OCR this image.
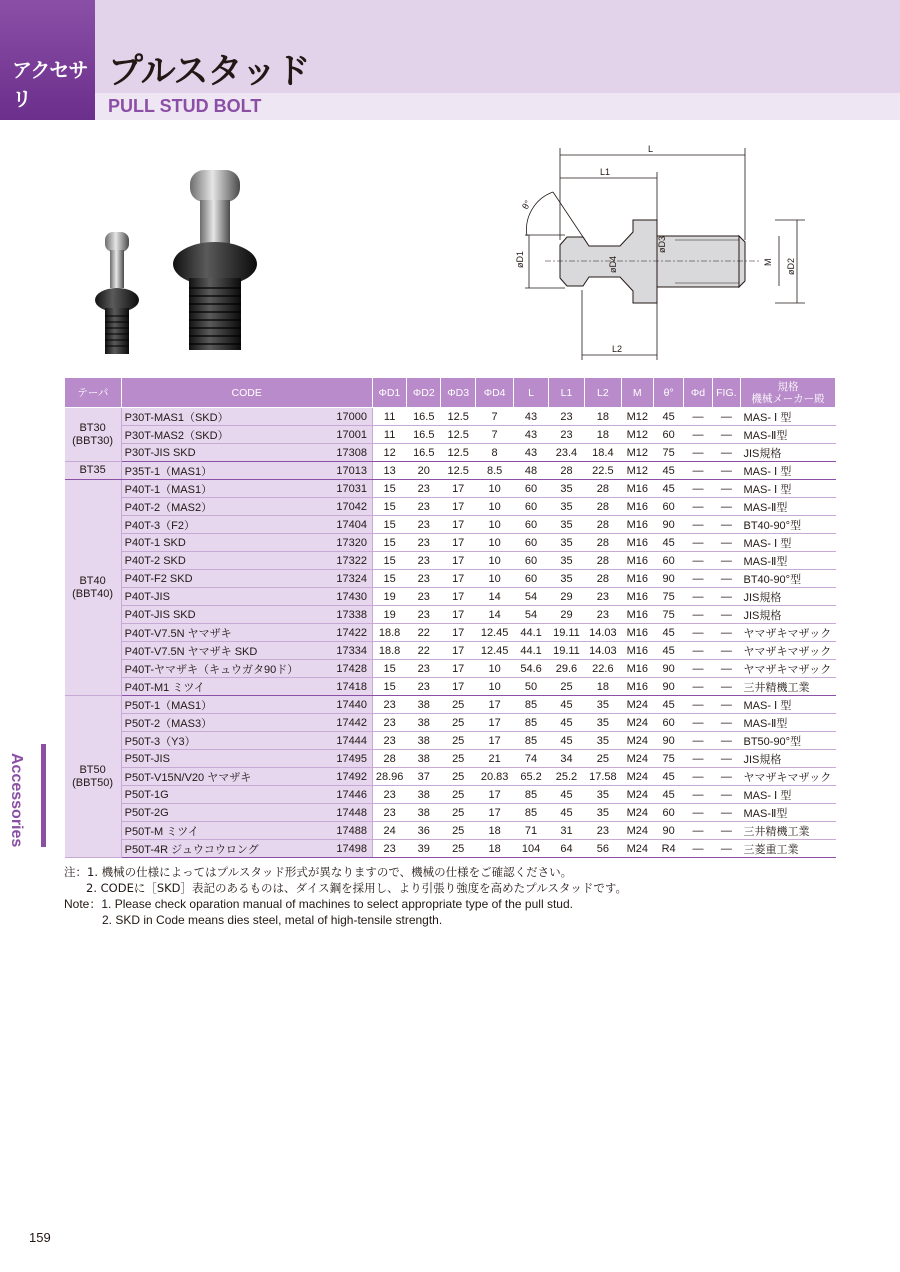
アクセサリ
プルスタッド
PULL STUD BOLT
L
L1
L2
θ°
øD1	øD2
øD3
øD4	M
テーパ	CODE		ΦD1	ΦD2	ΦD3	ΦD4	L	L1	L2	M	θ°	Φd	FIG.	規格
機械メーカー殿
BT30
(BBT30)	P30T-MAS1（SKD）	17000	11	16.5	12.5	7	43	23	18	M12	45	—	—	MAS- Ⅰ 型
	P30T-MAS2（SKD）	17001	11	16.5	12.5	7	43	23	18	M12	60	—	—	MAS-Ⅱ型
	P30T-JIS SKD	17308	12	16.5	12.5	8	43	23.4	18.4	M12	75	—	—	JIS規格
BT35	P35T-1（MAS1）	17013	13	20	12.5	8.5	48	28	22.5	M12	45	—	—	MAS- Ⅰ 型
BT40
(BBT40)	P40T-1（MAS1）	17031	15	23	17	10	60	35	28	M16	45	—	—	MAS- Ⅰ 型
	P40T-2（MAS2）	17042	15	23	17	10	60	35	28	M16	60	—	—	MAS-Ⅱ型
	P40T-3（F2）	17404	15	23	17	10	60	35	28	M16	90	—	—	BT40-90°型
	P40T-1 SKD	17320	15	23	17	10	60	35	28	M16	45	—	—	MAS- Ⅰ 型
	P40T-2 SKD	17322	15	23	17	10	60	35	28	M16	60	—	—	MAS-Ⅱ型
	P40T-F2 SKD	17324	15	23	17	10	60	35	28	M16	90	—	—	BT40-90°型
	P40T-JIS	17430	19	23	17	14	54	29	23	M16	75	—	—	JIS規格
	P40T-JIS SKD	17338	19	23	17	14	54	29	23	M16	75	—	—	JIS規格
	P40T-V7.5N ヤマザキ	17422	18.8	22	17	12.45	44.1	19.11	14.03	M16	45	—	—	ヤマザキマザック
	P40T-V7.5N ヤマザキ SKD	17334	18.8	22	17	12.45	44.1	19.11	14.03	M16	45	—	—	ヤマザキマザック
	P40T-ヤマザキ（キュウガタ90ド）	17428	15	23	17	10	54.6	29.6	22.6	M16	90	—	—	ヤマザキマザック
	P40T-M1 ミツイ	17418	15	23	17	10	50	25	18	M16	90	—	—	三井精機工業
BT50
(BBT50)	P50T-1（MAS1）	17440	23	38	25	17	85	45	35	M24	45	—	—	MAS- Ⅰ 型
	P50T-2（MAS3）	17442	23	38	25	17	85	45	35	M24	60	—	—	MAS-Ⅱ型
	P50T-3（Y3）	17444	23	38	25	17	85	45	35	M24	90	—	—	BT50-90°型
	P50T-JIS	17495	28	38	25	21	74	34	25	M24	75	—	—	JIS規格
	P50T-V15N/V20 ヤマザキ	17492	28.96	37	25	20.83	65.2	25.2	17.58	M24	45	—	—	ヤマザキマザック
	P50T-1G	17446	23	38	25	17	85	45	35	M24	45	—	—	MAS- Ⅰ 型
	P50T-2G	17448	23	38	25	17	85	45	35	M24	60	—	—	MAS-Ⅱ型
	P50T-M ミツイ	17488	24	36	25	18	71	31	23	M24	90	—	—	三井精機工業
	P50T-4R ジュウコウロング	17498	23	39	25	18	104	64	56	M24	R4	—	—	三菱重工業
注：1. 機械の仕様によってはプルスタッド形式が異なりますので、機械の仕様をご確認ください。
2. CODEに［SKD］表記のあるものは、ダイス鋼を採用し、より引張り強度を高めたプルスタッドです。
Note：1. Please check oparation manual of machines to select appropriate type of the pull stud.
2. SKD in Code means dies steel, metal of high-tensile strength.
Accessories
159
